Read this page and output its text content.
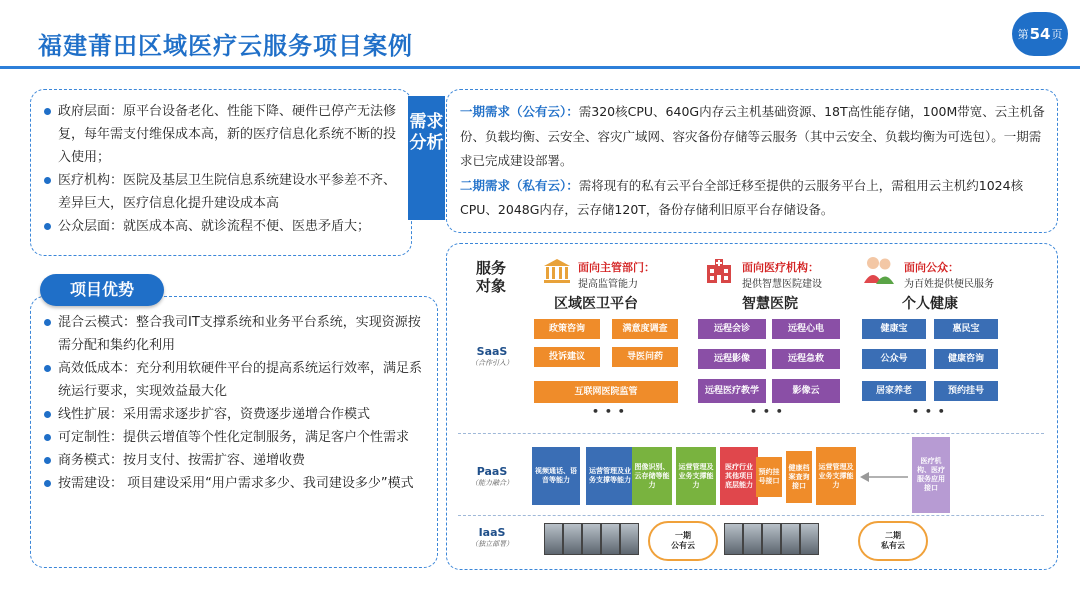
福建莆田区域医疗云服务项目案例	第 54 页
政府层面：原平台设备老化、性能下降、硬件已停产无法修复，每年需支付维保成本高，新的医疗信息化系统不断的投入使用；
医疗机构：医院及基层卫生院信息系统建设水平参差不齐、差异巨大，医疗信息化提升建设成本高
公众层面：就医成本高、就诊流程不便、医患矛盾大；
需求分析
项目优势
混合云模式：整合我司IT支撑系统和业务平台系统，实现资源按需分配和集约化利用
高效低成本：充分利用软硬件平台的提高系统运行效率，满足系统运行要求，实现效益最大化
线性扩展：采用需求逐步扩容，资费逐步递增合作模式
可定制性：提供云增值等个性化定制服务，满足客户个性需求
商务模式：按月支付、按需扩容、递增收费
按需建设： 项目建设采用“用户需求多少、我司建设多少”模式
一期需求（公有云）：需320核CPU、640G内存云主机基础资源、18T高性能存储，100M带宽、云主机备份、负载均衡、云安全、容灾广域网、容灾备份存储等云服务（其中云安全、负载均衡为可选包）。一期需求已完成建设部署。
二期需求（私有云）：需将现有的私有云平台全部迁移至提供的云服务平台上，需租用云主机约1024核CPU、2048G内存，云存储120T，备份存储利旧原平台存储设备。
服务对象
面向主管部门：
提高监管能力
面向医疗机构：
提供智慧医院建设
面向公众：
为百姓提供便民服务
区域医卫平台	智慧医院	个人健康
SaaS
（合作引入）
PaaS
（能力融合）
IaaS
（独立部署）
政策咨询	满意度调查
投诉建议	导医问药
互联网医院监管
• • •
远程会诊	远程心电
远程影像	远程急救
远程医疗教学	影像云
• • •
健康宝	惠民宝
公众号	健康咨询
居家养老	预约挂号
• • •
视频通话、语音等能力
运营管理及业务支撑等能力
图像识别、云存储等能力
运营管理及业务支撑能力
医疗行业其他项目底层能力
预约挂号接口
健康档案查询接口
运营管理及业务支撑能力
医疗机构、医疗服务应用接口
一期
公有云
二期
私有云
